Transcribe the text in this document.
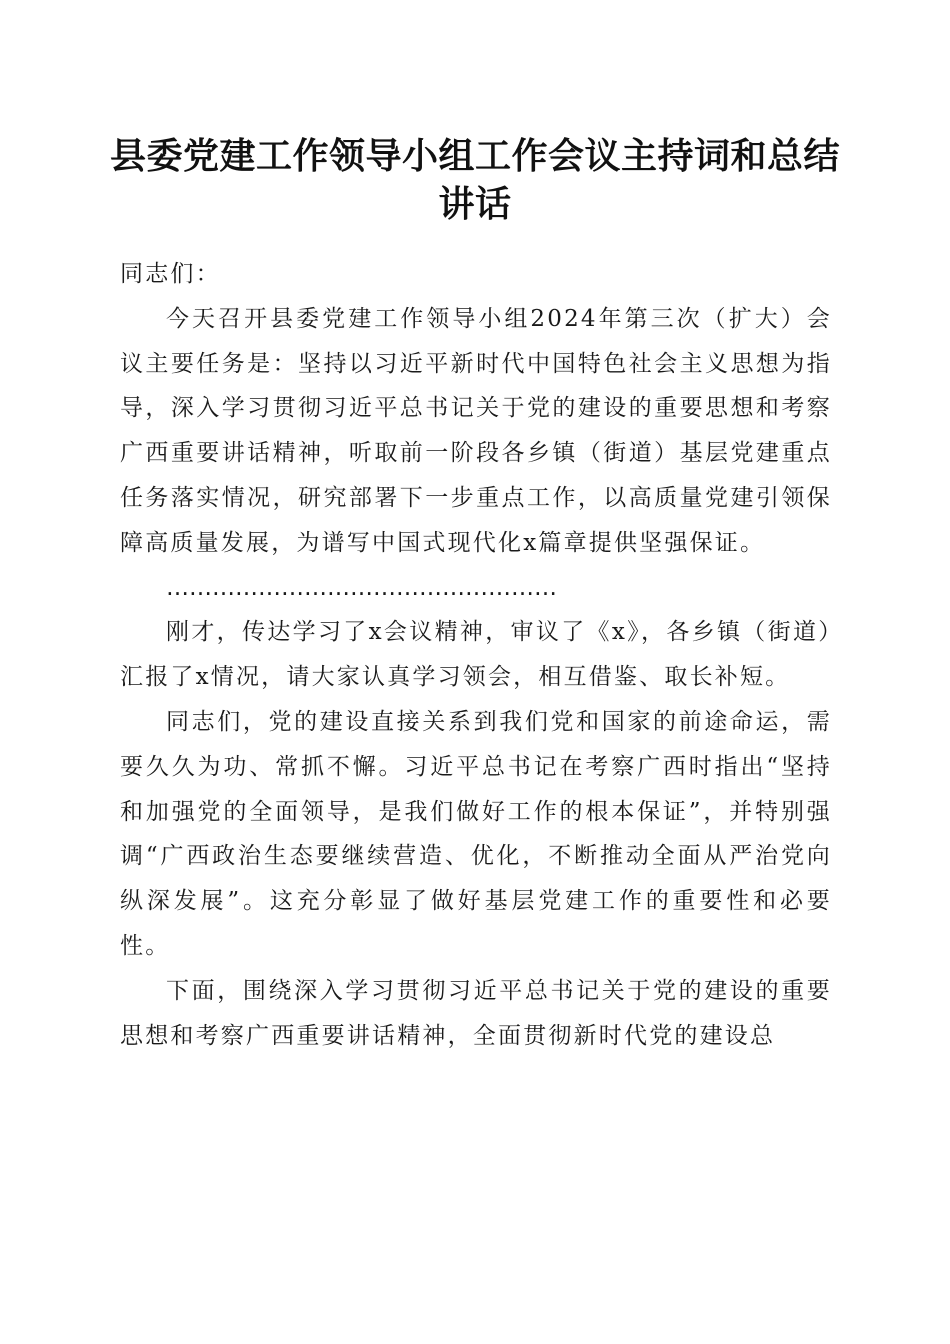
县委党建工作领导小组工作会议主持词和总结讲话

同志们：

今天召开县委党建工作领导小组2024年第三次（扩大）会议主要任务是：坚持以习近平新时代中国特色社会主义思想为指导，深入学习贯彻习近平总书记关于党的建设的重要思想和考察广西重要讲话精神，听取前一阶段各乡镇（街道）基层党建重点任务落实情况，研究部署下一步重点工作，以高质量党建引领保障高质量发展，为谱写中国式现代化x篇章提供坚强保证。

……………………………………………

刚才，传达学习了x会议精神，审议了《x》，各乡镇（街道）汇报了x情况，请大家认真学习领会，相互借鉴、取长补短。

同志们，党的建设直接关系到我们党和国家的前途命运，需要久久为功、常抓不懈。习近平总书记在考察广西时指出“坚持和加强党的全面领导，是我们做好工作的根本保证”，并特别强调“广西政治生态要继续营造、优化，不断推动全面从严治党向纵深发展”。这充分彰显了做好基层党建工作的重要性和必要性。

下面，围绕深入学习贯彻习近平总书记关于党的建设的重要思想和考察广西重要讲话精神，全面贯彻新时代党的建设总
